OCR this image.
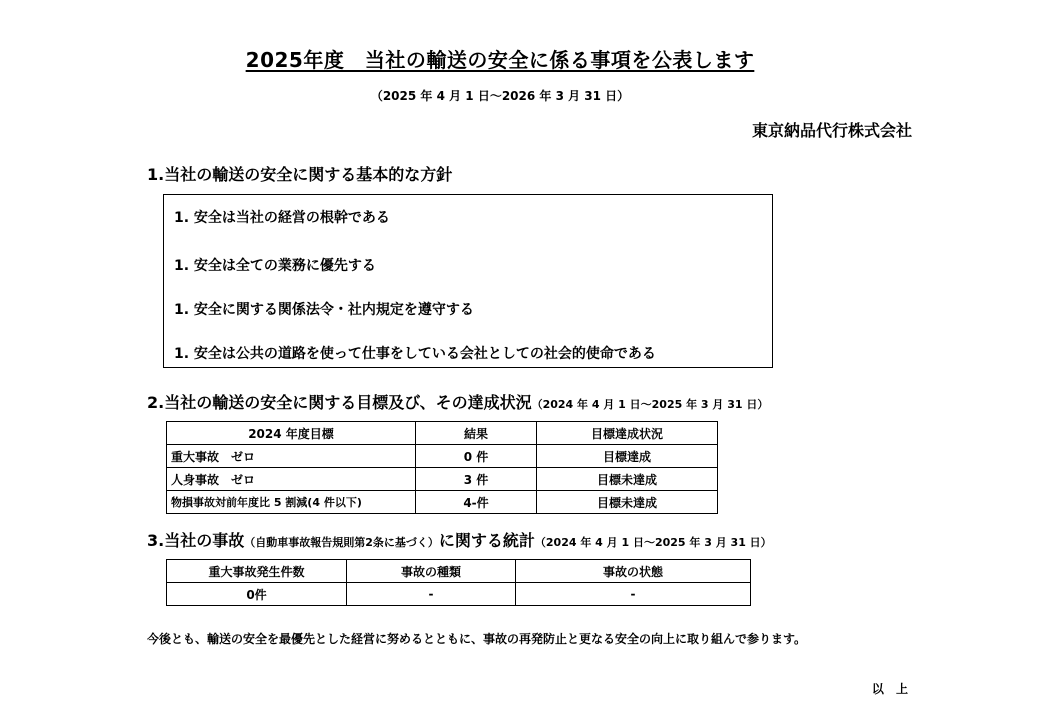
2025年度　当社の輸送の安全に係る事項を公表します
（2025 年 4 月 1 日～2026 年 3 月 31 日）
東京納品代行株式会社
1.当社の輸送の安全に関する基本的な方針
1. 安全は当社の経営の根幹である
1. 安全は全ての業務に優先する
1. 安全に関する関係法令・社内規定を遵守する
1. 安全は公共の道路を使って仕事をしている会社としての社会的使命である
2.当社の輸送の安全に関する目標及び、その達成状況（2024 年 4 月 1 日～2025 年 3 月 31 日）
2024 年度目標	結果	目標達成状況
重大事故　ゼロ	0 件	目標達成
人身事故　ゼロ	3 件	目標未達成
物損事故対前年度比 5 割減(4 件以下)	4-件	目標未達成
3.当社の事故（自動車事故報告規則第2条に基づく）に関する統計（2024 年 4 月 1 日～2025 年 3 月 31 日）
重大事故発生件数	事故の種類	事故の状態
0件	-	-
今後とも、輸送の安全を最優先とした経営に努めるとともに、事故の再発防止と更なる安全の向上に取り組んで参ります。
以 上
